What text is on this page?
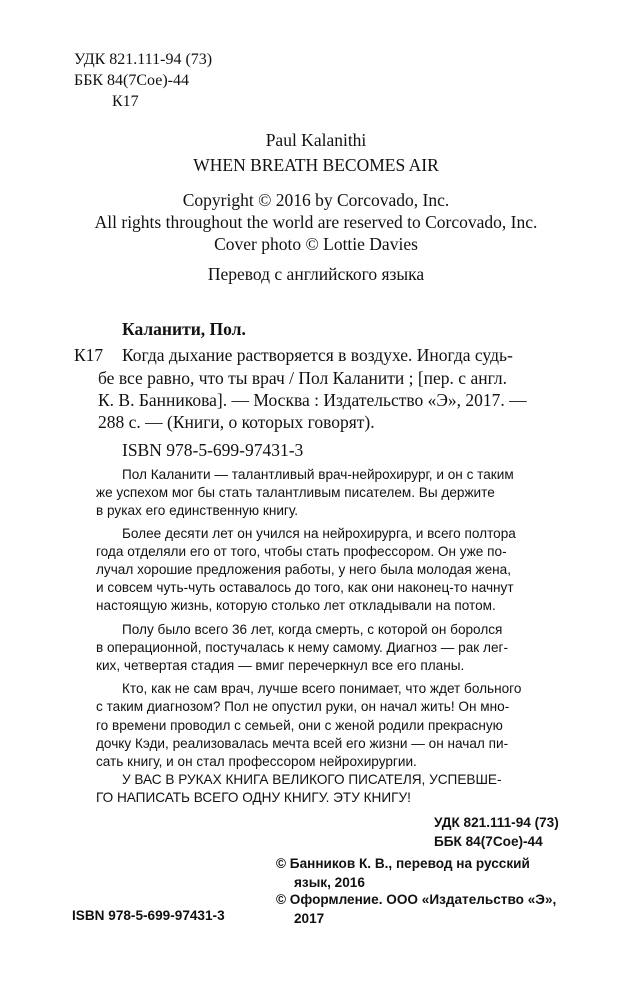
УДК 821.111-94 (73)
ББК 84(7Сое)-44
К17
Paul Kalanithi
WHEN BREATH BECOMES AIR
Copyright © 2016 by Corcovado, Inc.
All rights throughout the world are reserved to Corcovado, Inc.
Cover photo © Lottie Davies
Перевод с английского языка
Каланити, Пол.
К17 Когда дыхание растворяется в воздухе. Иногда судь-
бе все равно, что ты врач / Пол Каланити ; [пер. с англ.
К. В. Банникова]. — Москва : Издательство «Э», 2017. —
288 с. — (Книги, о которых говорят).
ISBN 978-5-699-97431-3

Пол Каланити — талантливый врач-нейрохирург, и он с таким

же успехом мог бы стать талантливым писателем. Вы держите

в руках его единственную книгу.

Более десяти лет он учился на нейрохирурга, и всего полтора

года отделяли его от того, чтобы стать профессором. Он уже по-

лучал хорошие предложения работы, у него была молодая жена,

и совсем чуть-чуть оставалось до того, как они наконец-то начнут

настоящую жизнь, которую столько лет откладывали на потом.

Полу было всего 36 лет, когда смерть, с которой он боролся

в операционной, постучалась к нему самому. Диагноз — рак лег-

ких, четвертая стадия — вмиг перечеркнул все его планы.

Кто, как не сам врач, лучше всего понимает, что ждет больного

с таким диагнозом? Пол не опустил руки, он начал жить! Он мно-

го времени проводил с семьей, они с женой родили прекрасную

дочку Кэди, реализовалась мечта всей его жизни — он начал пи-

сать книгу, и он стал профессором нейрохирургии.

У ВАС В РУКАХ КНИГА ВЕЛИКОГО ПИСАТЕЛЯ, УСПЕВШЕ-

ГО НАПИСАТЬ ВСЕГО ОДНУ КНИГУ. ЭТУ КНИГУ!

УДК 821.111-94 (73)
ББК 84(7Сое)-44
ISBN 978-5-699-97431-3
© Банников К. В., перевод на русский
язык, 2016
© Оформление. ООО «Издательство «Э»,
2017
